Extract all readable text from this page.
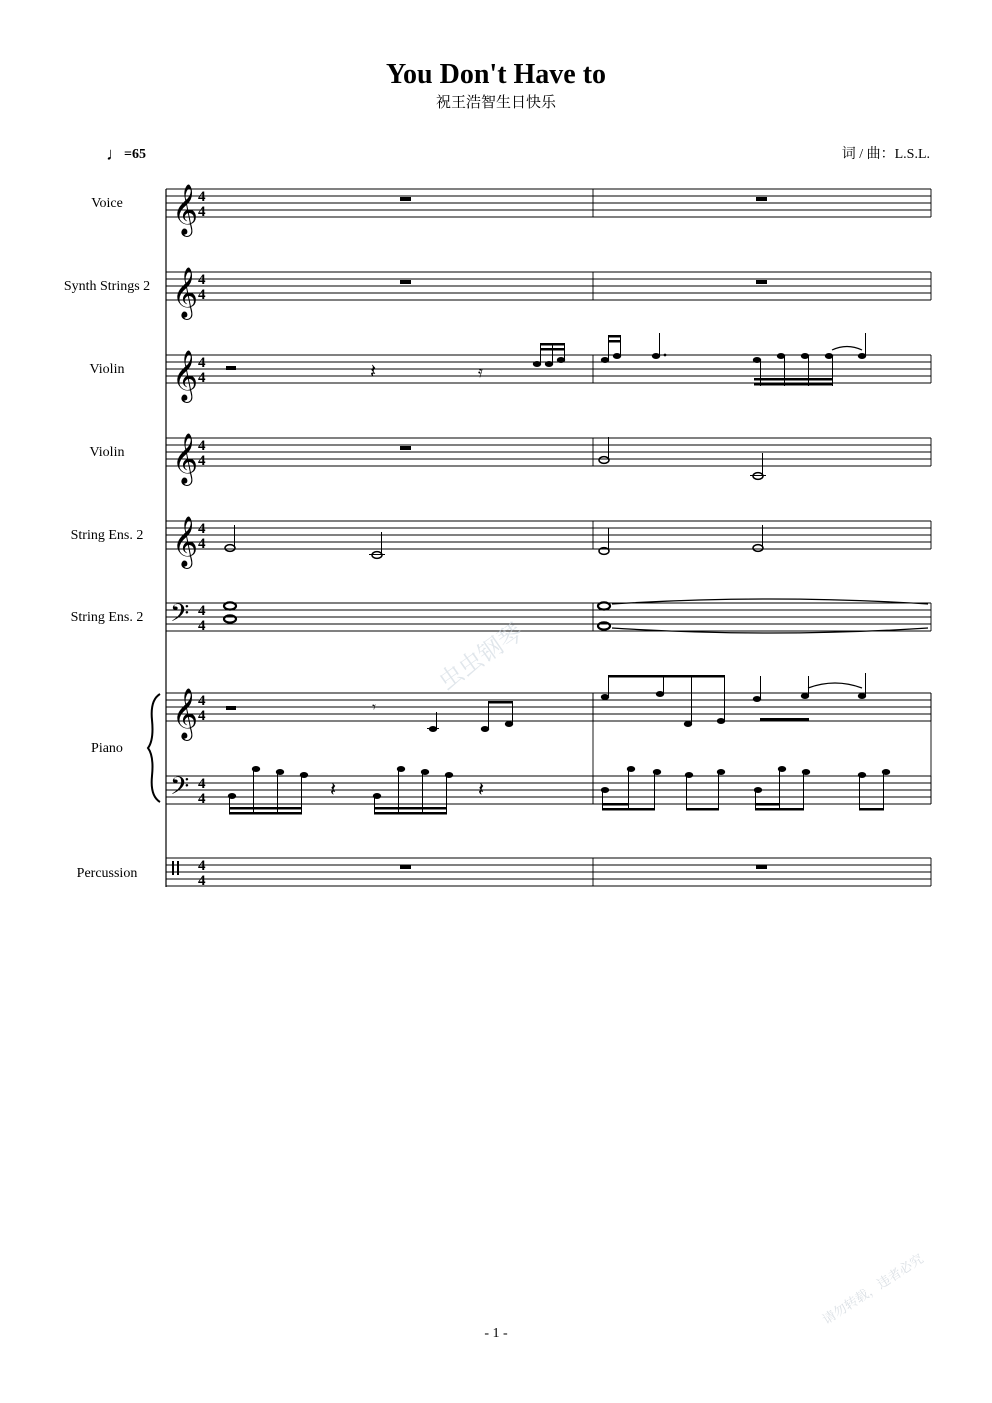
You Don't Have to
祝王浩智生日快乐
词 / 曲：L.S.L.
♩=65
Voice
Synth Strings 2
Violin
Violin
String Ens. 2
String Ens. 2
Piano
Percussion
𝄞
𝄞
𝄞
𝄞
𝄞
𝄞
𝄢
𝄢
4
4
4
4
4
4
4
4
4
4
4
4
4
4
4
4
4
4
𝄽	𝄿
𝄾
𝄽	𝄽
虫虫钢琴
请勿转载，违者必究
- 1 -
